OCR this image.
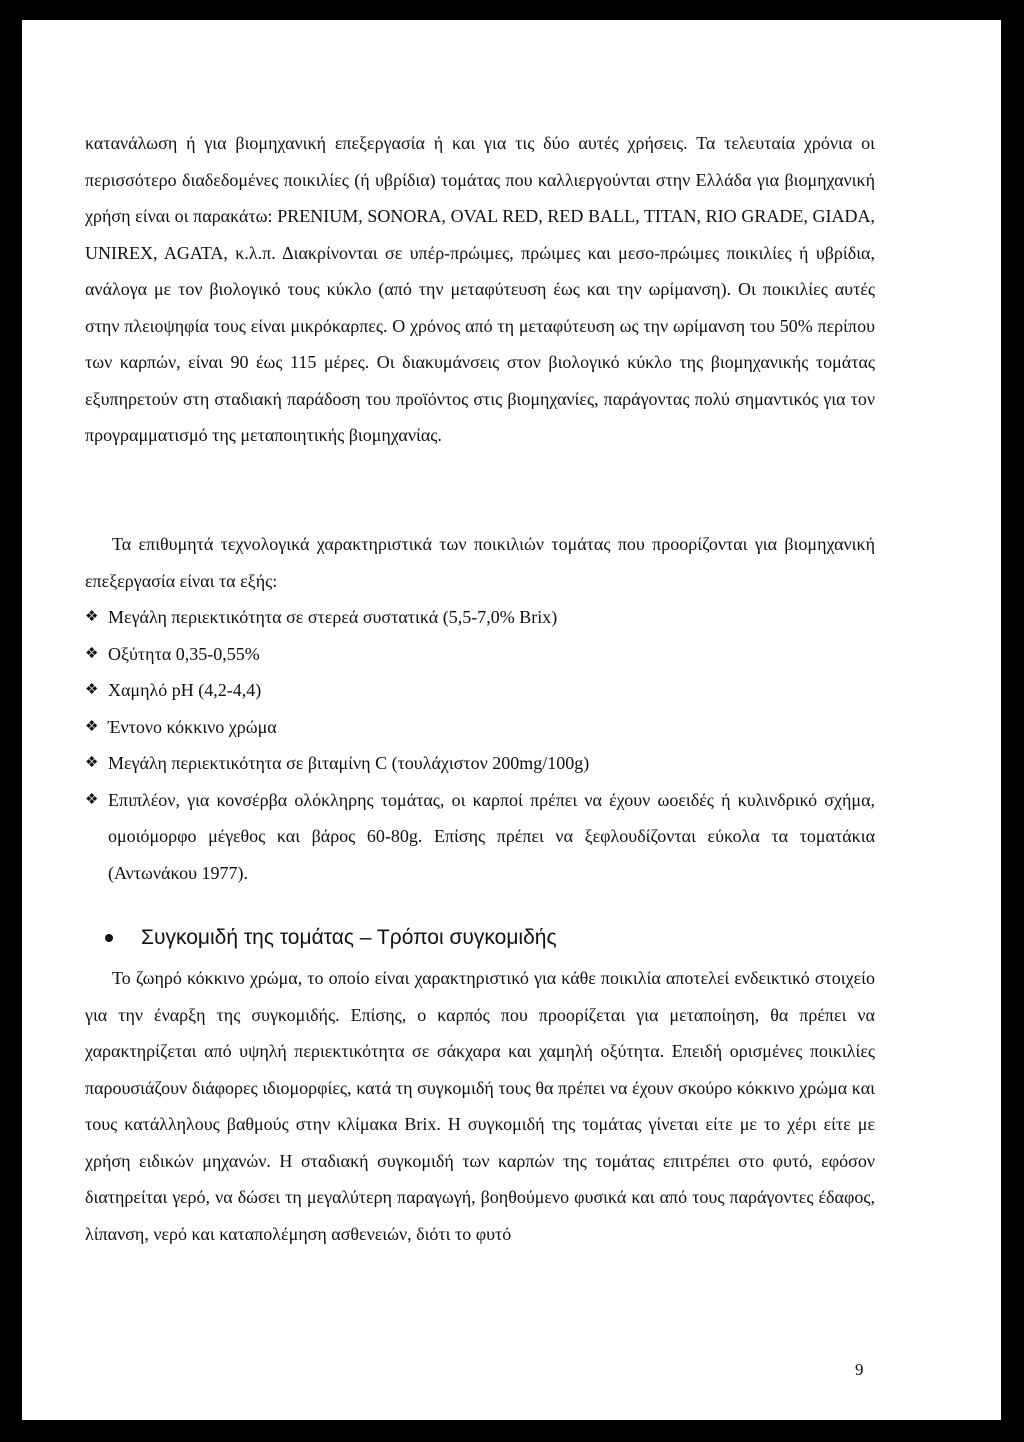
κατανάλωση ή για βιομηχανική επεξεργασία ή και για τις δύο αυτές χρήσεις. Τα τελευταία χρόνια οι περισσότερο διαδεδομένες ποικιλίες (ή υβρίδια) τομάτας που καλλιεργούνται στην Ελλάδα για βιομηχανική χρήση είναι οι παρακάτω: PRENIUM, SONORA, OVAL RED, RED BALL, TITAN, RIO GRADE, GIADA, UNIREX, AGATA, κ.λ.π. Διακρίνονται σε υπέρ-πρώιμες, πρώιμες και μεσο-πρώιμες ποικιλίες ή υβρίδια, ανάλογα με τον βιολογικό τους κύκλο (από την μεταφύτευση έως και την ωρίμανση). Οι ποικιλίες αυτές στην πλειοψηφία τους είναι μικρόκαρπες. Ο χρόνος από τη μεταφύτευση ως την ωρίμανση του 50% περίπου των καρπών, είναι 90 έως 115 μέρες. Οι διακυμάνσεις στον βιολογικό κύκλο της βιομηχανικής τομάτας εξυπηρετούν στη σταδιακή παράδοση του προϊόντος στις βιομηχανίες, παράγοντας πολύ σημαντικός για τον προγραμματισμό της μεταποιητικής βιομηχανίας.

Τα επιθυμητά τεχνολογικά χαρακτηριστικά των ποικιλιών τομάτας που προορίζονται για βιομηχανική επεξεργασία είναι τα εξής:

❖ Μεγάλη περιεκτικότητα σε στερεά συστατικά (5,5-7,0% Brix)
❖ Οξύτητα 0,35-0,55%
❖ Χαμηλό pH (4,2-4,4)
❖ Έντονο κόκκινο χρώμα
❖ Μεγάλη περιεκτικότητα σε βιταμίνη C (τουλάχιστον 200mg/100g)
❖ Επιπλέον, για κονσέρβα ολόκληρης τομάτας, οι καρποί πρέπει να έχουν ωοειδές ή κυλινδρικό σχήμα, ομοιόμορφο μέγεθος και βάρος 60-80g. Επίσης πρέπει να ξεφλουδίζονται εύκολα τα τοματάκια (Αντωνάκου 1977).
Συγκομιδή της τομάτας – Τρόποι συγκομιδής

Το ζωηρό κόκκινο χρώμα, το οποίο είναι χαρακτηριστικό για κάθε ποικιλία αποτελεί ενδεικτικό στοιχείο για την έναρξη της συγκομιδής. Επίσης, ο καρπός που προορίζεται για μεταποίηση, θα πρέπει να χαρακτηρίζεται από υψηλή περιεκτικότητα σε σάκχαρα και χαμηλή οξύτητα. Επειδή ορισμένες ποικιλίες παρουσιάζουν διάφορες ιδιομορφίες, κατά τη συγκομιδή τους θα πρέπει να έχουν σκούρο κόκκινο χρώμα και τους κατάλληλους βαθμούς στην κλίμακα Brix. Η συγκομιδή της τομάτας γίνεται είτε με το χέρι είτε με χρήση ειδικών μηχανών. Η σταδιακή συγκομιδή των καρπών της τομάτας επιτρέπει στο φυτό, εφόσον διατηρείται γερό, να δώσει τη μεγαλύτερη παραγωγή, βοηθούμενο φυσικά και από τους παράγοντες έδαφος, λίπανση, νερό και καταπολέμηση ασθενειών, διότι το φυτό

9
